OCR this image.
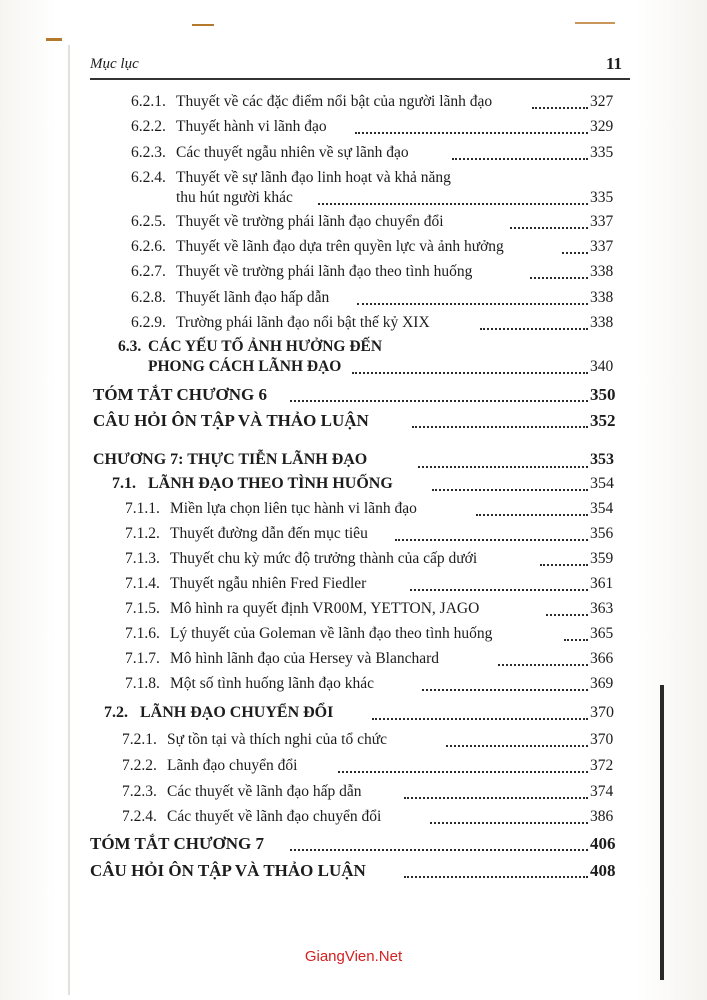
Mục lục	11
6.2.1. Thuyết về các đặc điểm nổi bật của người lãnh đạo	327
6.2.2. Thuyết hành vi lãnh đạo	329
6.2.3. Các thuyết ngẫu nhiên về sự lãnh đạo	335
6.2.4. Thuyết về sự lãnh đạo linh hoạt và khả năng
thu hút người khác	335
6.2.5. Thuyết về trường phái lãnh đạo chuyển đổi	337
6.2.6. Thuyết về lãnh đạo dựa trên quyền lực và ảnh hưởng	337
6.2.7. Thuyết về trường phái lãnh đạo theo tình huống	338
6.2.8. Thuyết lãnh đạo hấp dẫn	338
6.2.9. Trường phái lãnh đạo nổi bật thế kỷ XIX	338
6.3. CÁC YẾU TỐ ẢNH HƯỞNG ĐẾN
PHONG CÁCH LÃNH ĐẠO	340
TÓM TẮT CHƯƠNG 6	350
CÂU HỎI ÔN TẬP VÀ THẢO LUẬN	352
CHƯƠNG 7: THỰC TIỄN LÃNH ĐẠO	353
7.1. LÃNH ĐẠO THEO TÌNH HUỐNG	354
7.1.1. Miền lựa chọn liên tục hành vi lãnh đạo	354
7.1.2. Thuyết đường dẫn đến mục tiêu	356
7.1.3. Thuyết chu kỳ mức độ trưởng thành của cấp dưới	359
7.1.4. Thuyết ngẫu nhiên Fred Fiedler	361
7.1.5. Mô hình ra quyết định VR00M, YETTON, JAGO	363
7.1.6. Lý thuyết của Goleman về lãnh đạo theo tình huống	365
7.1.7. Mô hình lãnh đạo của Hersey và Blanchard	366
7.1.8. Một số tình huống lãnh đạo khác	369
7.2. LÃNH ĐẠO CHUYỂN ĐỔI	370
7.2.1. Sự tồn tại và thích nghi của tổ chức	370
7.2.2. Lãnh đạo chuyển đổi	372
7.2.3. Các thuyết về lãnh đạo hấp dẫn	374
7.2.4. Các thuyết về lãnh đạo chuyển đổi	386
TÓM TẮT CHƯƠNG 7	406
CÂU HỎI ÔN TẬP VÀ THẢO LUẬN	408
GiangVien.Net
